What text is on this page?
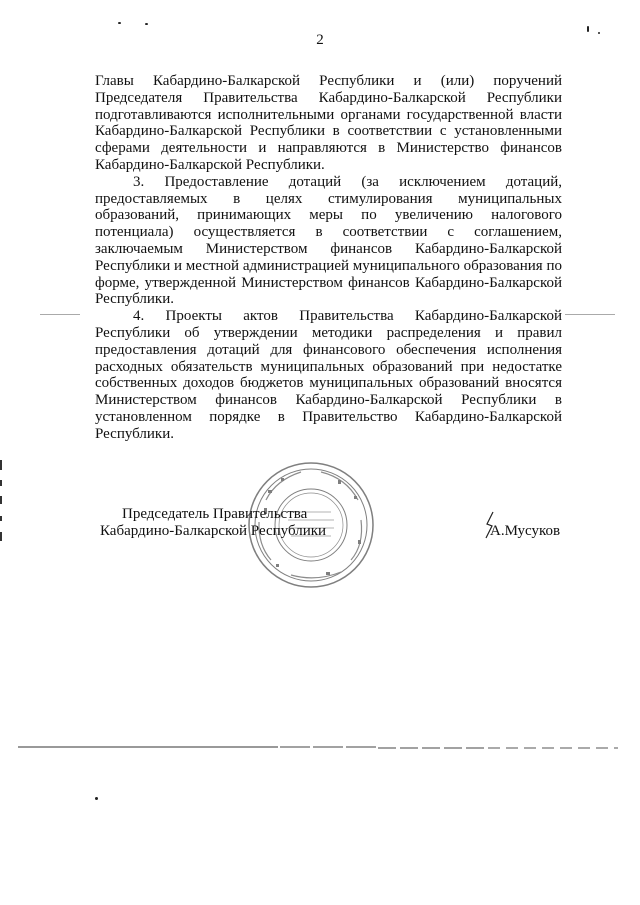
2

Главы Кабардино-Балкарской Республики и (или) поручений Председателя Правительства Кабардино-Балкарской Республики подготавливаются исполнительными органами государственной власти Кабардино-Балкарской Республики в соответствии с установленными сферами деятельности и направляются в Министерство финансов Кабардино-Балкарской Республики.

3. Предоставление дотаций (за исключением дотаций, предоставляемых в целях стимулирования муниципальных образований, принимающих меры по увеличению налогового потенциала) осуществляется в соответствии с соглашением, заключаемым Министерством финансов Кабардино-Балкарской Республики и местной администрацией муниципального образования по форме, утвержденной Министерством финансов Кабардино-Балкарской Республики.

4. Проекты актов Правительства Кабардино-Балкарской Республики об утверждении методики распределения и правил предоставления дотаций для финансового обеспечения исполнения расходных обязательств муниципальных образований при недостатке собственных доходов бюджетов муниципальных образований вносятся Министерством финансов Кабардино-Балкарской Республики в установленном порядке в Правительство Кабардино-Балкарской Республики.

Председатель Правительства
Кабардино-Балкарской Республики	А.Мусуков
